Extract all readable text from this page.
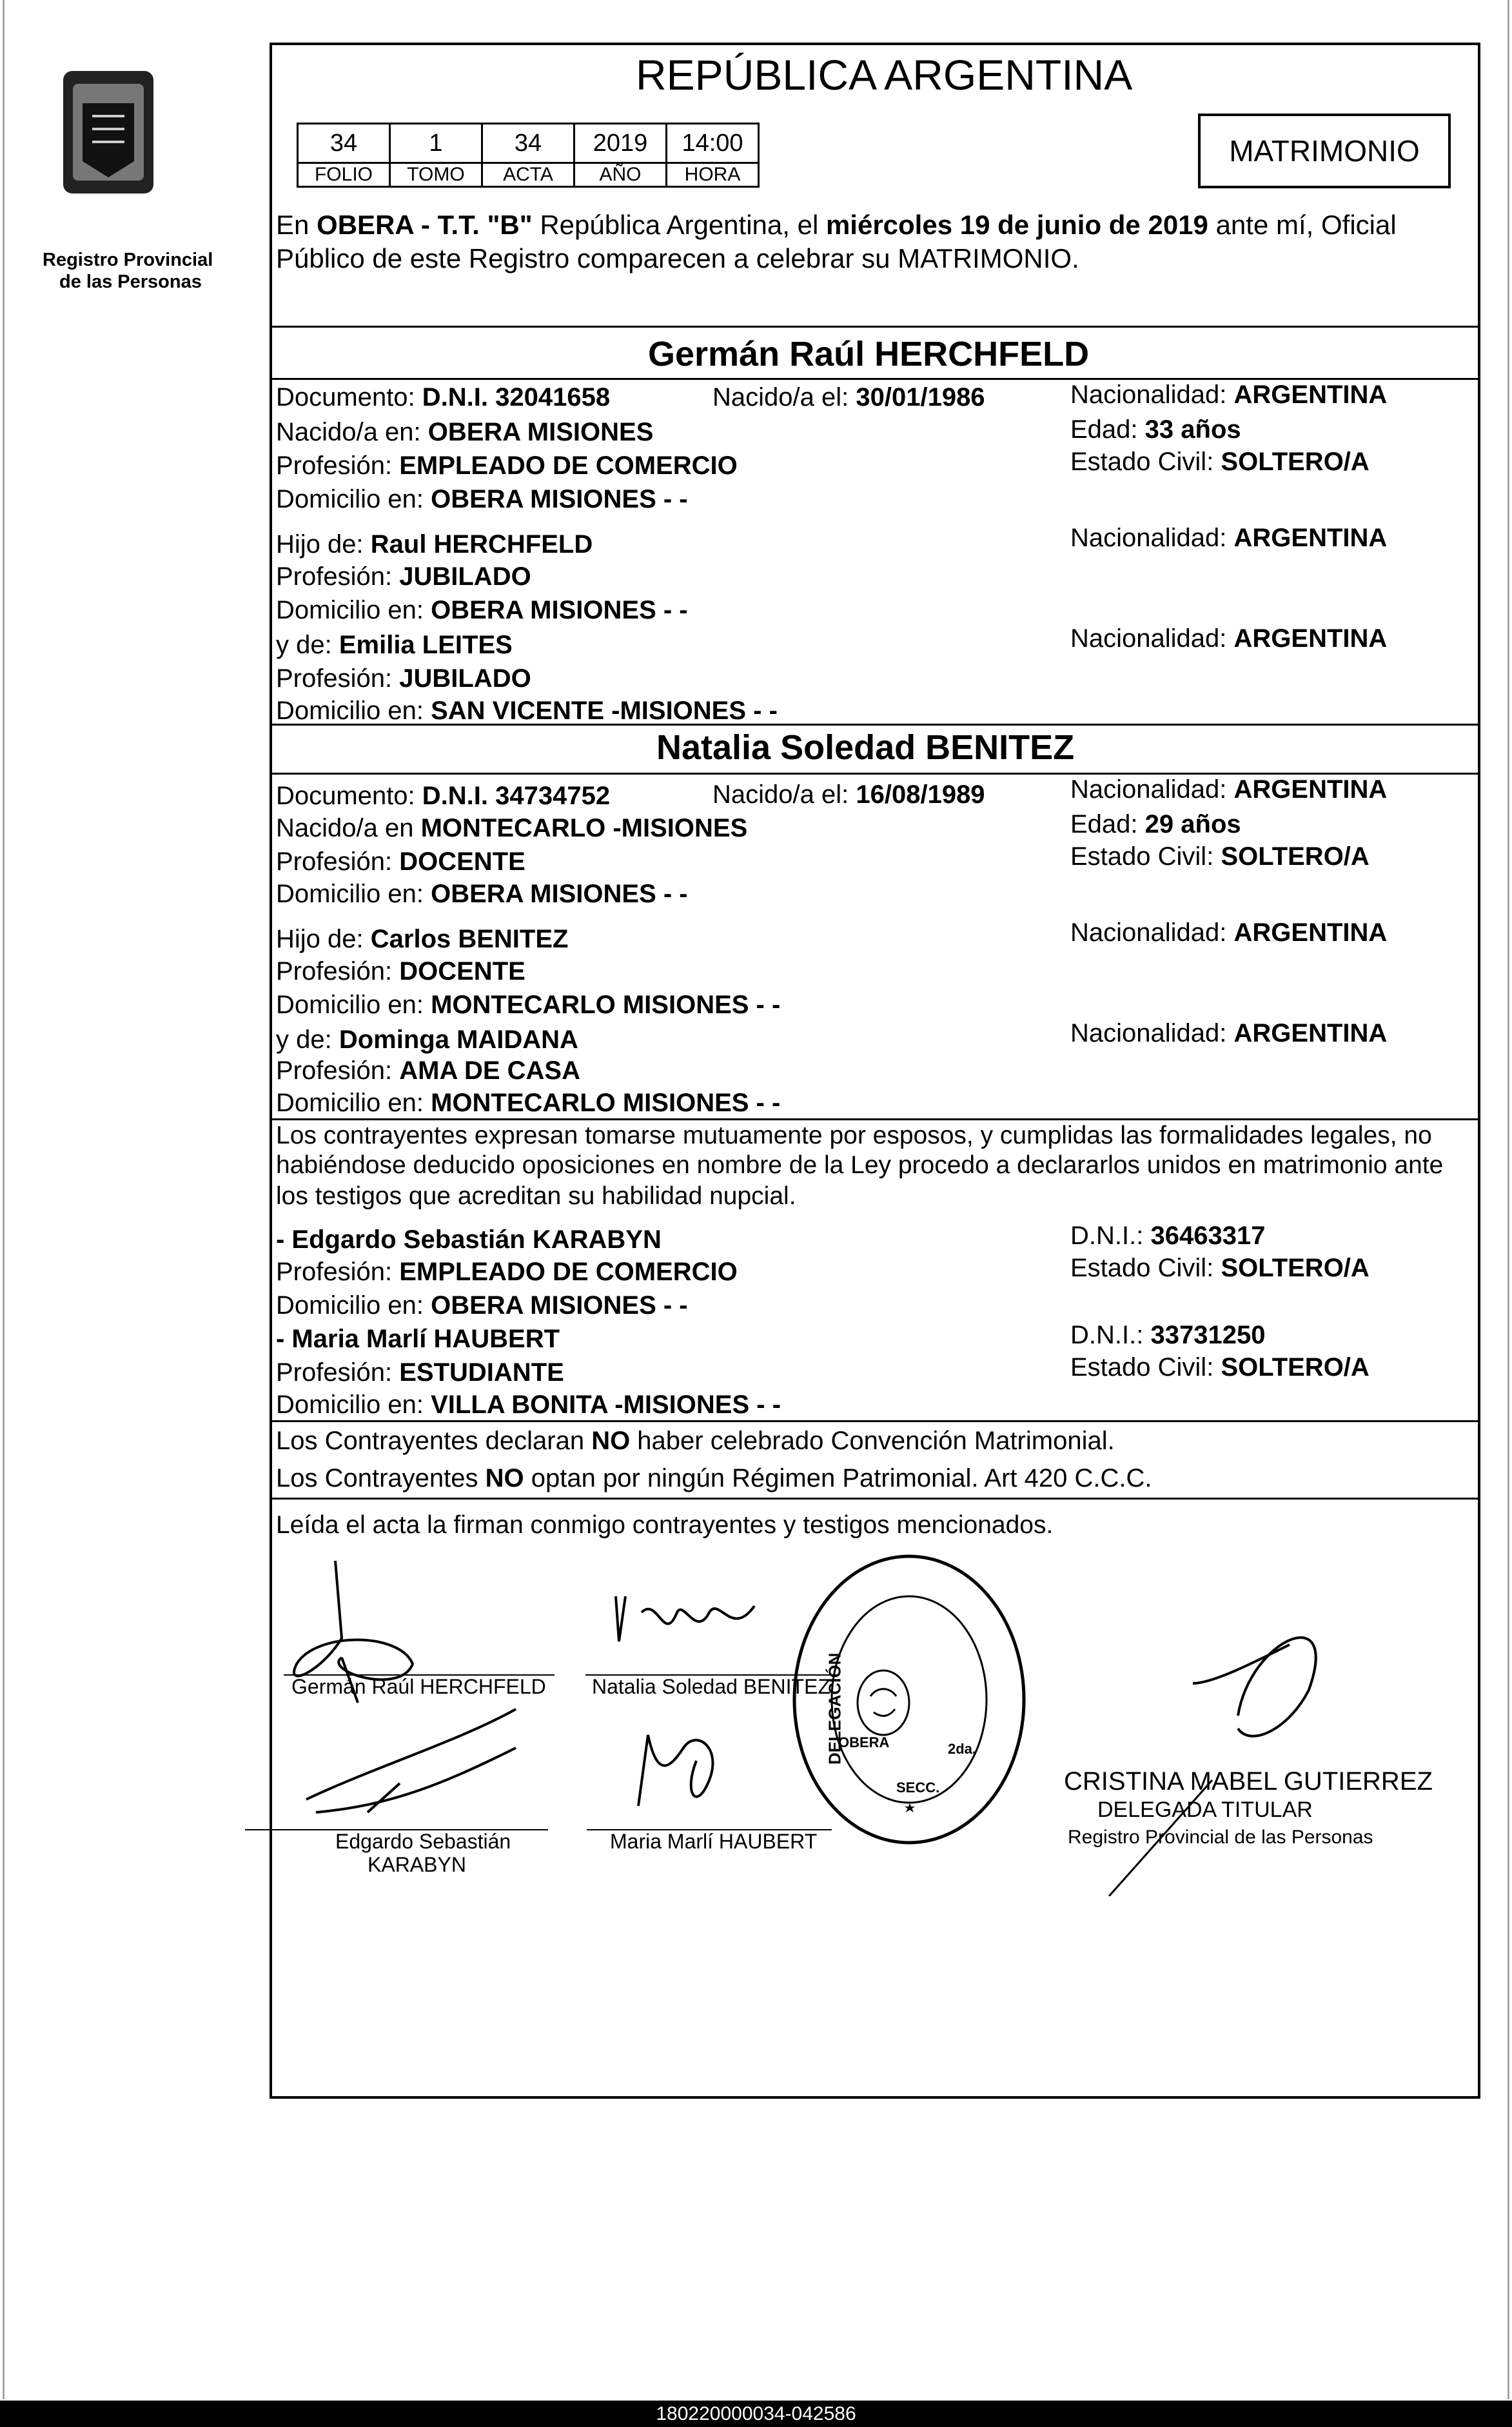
Registro Provincial
de las Personas
REPÚBLICA ARGENTINA
34	1	34	2019	14:00
FOLIO	TOMO	ACTA	AÑO	HORA
MATRIMONIO
En OBERA - T.T. "B" República Argentina, el miércoles 19 de junio de 2019 ante mí, Oficial
Público de este Registro comparecen a celebrar su MATRIMONIO.
Germán Raúl HERCHFELD
Documento: D.N.I. 32041658	Nacido/a el: 30/01/1986	Nacionalidad: ARGENTINA
Nacido/a en: OBERA MISIONES	Edad: 33 años
Profesión: EMPLEADO DE COMERCIO	Estado Civil: SOLTERO/A
Domicilio en: OBERA MISIONES - -
Hijo de: Raul HERCHFELD	Nacionalidad: ARGENTINA
Profesión: JUBILADO
Domicilio en: OBERA MISIONES - -
y de: Emilia LEITES	Nacionalidad: ARGENTINA
Profesión: JUBILADO
Domicilio en: SAN VICENTE -MISIONES - -
Natalia Soledad BENITEZ
Documento: D.N.I. 34734752	Nacido/a el: 16/08/1989	Nacionalidad: ARGENTINA
Nacido/a en MONTECARLO -MISIONES	Edad: 29 años
Profesión: DOCENTE	Estado Civil: SOLTERO/A
Domicilio en: OBERA MISIONES - -
Hijo de: Carlos BENITEZ	Nacionalidad: ARGENTINA
Profesión: DOCENTE
Domicilio en: MONTECARLO MISIONES - -
y de: Dominga MAIDANA	Nacionalidad: ARGENTINA
Profesión: AMA DE CASA
Domicilio en: MONTECARLO MISIONES - -
Los contrayentes expresan tomarse mutuamente por esposos, y cumplidas las formalidades legales, no
habiéndose deducido oposiciones en nombre de la Ley procedo a declararlos unidos en matrimonio ante
los testigos que acreditan su habilidad nupcial.
- Edgardo Sebastián KARABYN	D.N.I.: 36463317
Profesión: EMPLEADO DE COMERCIO	Estado Civil: SOLTERO/A
Domicilio en: OBERA MISIONES - -
- Maria Marlí HAUBERT	D.N.I.: 33731250
Profesión: ESTUDIANTE	Estado Civil: SOLTERO/A
Domicilio en: VILLA BONITA -MISIONES - -
Los Contrayentes declaran NO haber celebrado Convención Matrimonial.
Los Contrayentes NO optan por ningún Régimen Patrimonial. Art 420 C.C.C.
Leída el acta la firman conmigo contrayentes y testigos mencionados.
Germán Raúl HERCHFELD Natalia Soledad BENITEZ
Edgardo Sebastián
KARABYN
Maria Marlí HAUBERT
DELEGACIÓN
OBERA	2da.
SECC.	CRISTINA MABEL GUTIERREZ
DELEGADA TITULAR
Registro Provincial de las Personas
180220000034-042586
